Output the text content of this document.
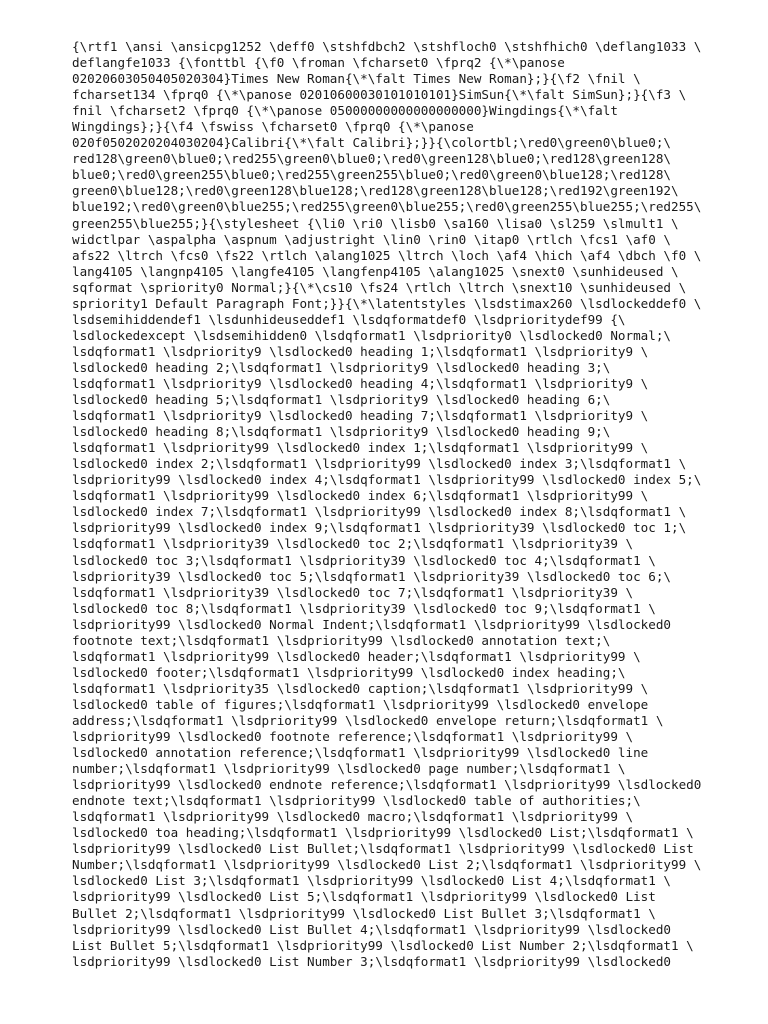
{\rtf1 \ansi \ansicpg1252 \deff0 \stshfdbch2 \stshfloch0 \stshfhich0 \deflang1033 \
deflangfe1033 {\fonttbl {\f0 \froman \fcharset0 \fprq2 {\*\panose
02020603050405020304}Times New Roman{\*\falt Times New Roman};}{\f2 \fnil \
fcharset134 \fprq0 {\*\panose 02010600030101010101}SimSun{\*\falt SimSun};}{\f3 \
fnil \fcharset2 \fprq0 {\*\panose 05000000000000000000}Wingdings{\*\falt
Wingdings};}{\f4 \fswiss \fcharset0 \fprq0 {\*\panose
020f0502020204030204}Calibri{\*\falt Calibri};}}{\colortbl;\red0\green0\blue0;\
red128\green0\blue0;\red255\green0\blue0;\red0\green128\blue0;\red128\green128\
blue0;\red0\green255\blue0;\red255\green255\blue0;\red0\green0\blue128;\red128\
green0\blue128;\red0\green128\blue128;\red128\green128\blue128;\red192\green192\
blue192;\red0\green0\blue255;\red255\green0\blue255;\red0\green255\blue255;\red255\
green255\blue255;}{\stylesheet {\li0 \ri0 \lisb0 \sa160 \lisa0 \sl259 \slmult1 \
widctlpar \aspalpha \aspnum \adjustright \lin0 \rin0 \itap0 \rtlch \fcs1 \af0 \
afs22 \ltrch \fcs0 \fs22 \rtlch \alang1025 \ltrch \loch \af4 \hich \af4 \dbch \f0 \
lang4105 \langnp4105 \langfe4105 \langfenp4105 \alang1025 \snext0 \sunhideused \
sqformat \spriority0 Normal;}{\*\cs10 \fs24 \rtlch \ltrch \snext10 \sunhideused \
spriority1 Default Paragraph Font;}}{\*\latentstyles \lsdstimax260 \lsdlockeddef0 \
lsdsemihiddendef1 \lsdunhideuseddef1 \lsdqformatdef0 \lsdprioritydef99 {\
lsdlockedexcept \lsdsemihidden0 \lsdqformat1 \lsdpriority0 \lsdlocked0 Normal;\
lsdqformat1 \lsdpriority9 \lsdlocked0 heading 1;\lsdqformat1 \lsdpriority9 \
lsdlocked0 heading 2;\lsdqformat1 \lsdpriority9 \lsdlocked0 heading 3;\
lsdqformat1 \lsdpriority9 \lsdlocked0 heading 4;\lsdqformat1 \lsdpriority9 \
lsdlocked0 heading 5;\lsdqformat1 \lsdpriority9 \lsdlocked0 heading 6;\
lsdqformat1 \lsdpriority9 \lsdlocked0 heading 7;\lsdqformat1 \lsdpriority9 \
lsdlocked0 heading 8;\lsdqformat1 \lsdpriority9 \lsdlocked0 heading 9;\
lsdqformat1 \lsdpriority99 \lsdlocked0 index 1;\lsdqformat1 \lsdpriority99 \
lsdlocked0 index 2;\lsdqformat1 \lsdpriority99 \lsdlocked0 index 3;\lsdqformat1 \
lsdpriority99 \lsdlocked0 index 4;\lsdqformat1 \lsdpriority99 \lsdlocked0 index 5;\
lsdqformat1 \lsdpriority99 \lsdlocked0 index 6;\lsdqformat1 \lsdpriority99 \
lsdlocked0 index 7;\lsdqformat1 \lsdpriority99 \lsdlocked0 index 8;\lsdqformat1 \
lsdpriority99 \lsdlocked0 index 9;\lsdqformat1 \lsdpriority39 \lsdlocked0 toc 1;\
lsdqformat1 \lsdpriority39 \lsdlocked0 toc 2;\lsdqformat1 \lsdpriority39 \
lsdlocked0 toc 3;\lsdqformat1 \lsdpriority39 \lsdlocked0 toc 4;\lsdqformat1 \
lsdpriority39 \lsdlocked0 toc 5;\lsdqformat1 \lsdpriority39 \lsdlocked0 toc 6;\
lsdqformat1 \lsdpriority39 \lsdlocked0 toc 7;\lsdqformat1 \lsdpriority39 \
lsdlocked0 toc 8;\lsdqformat1 \lsdpriority39 \lsdlocked0 toc 9;\lsdqformat1 \
lsdpriority99 \lsdlocked0 Normal Indent;\lsdqformat1 \lsdpriority99 \lsdlocked0
footnote text;\lsdqformat1 \lsdpriority99 \lsdlocked0 annotation text;\
lsdqformat1 \lsdpriority99 \lsdlocked0 header;\lsdqformat1 \lsdpriority99 \
lsdlocked0 footer;\lsdqformat1 \lsdpriority99 \lsdlocked0 index heading;\
lsdqformat1 \lsdpriority35 \lsdlocked0 caption;\lsdqformat1 \lsdpriority99 \
lsdlocked0 table of figures;\lsdqformat1 \lsdpriority99 \lsdlocked0 envelope
address;\lsdqformat1 \lsdpriority99 \lsdlocked0 envelope return;\lsdqformat1 \
lsdpriority99 \lsdlocked0 footnote reference;\lsdqformat1 \lsdpriority99 \
lsdlocked0 annotation reference;\lsdqformat1 \lsdpriority99 \lsdlocked0 line
number;\lsdqformat1 \lsdpriority99 \lsdlocked0 page number;\lsdqformat1 \
lsdpriority99 \lsdlocked0 endnote reference;\lsdqformat1 \lsdpriority99 \lsdlocked0
endnote text;\lsdqformat1 \lsdpriority99 \lsdlocked0 table of authorities;\
lsdqformat1 \lsdpriority99 \lsdlocked0 macro;\lsdqformat1 \lsdpriority99 \
lsdlocked0 toa heading;\lsdqformat1 \lsdpriority99 \lsdlocked0 List;\lsdqformat1 \
lsdpriority99 \lsdlocked0 List Bullet;\lsdqformat1 \lsdpriority99 \lsdlocked0 List
Number;\lsdqformat1 \lsdpriority99 \lsdlocked0 List 2;\lsdqformat1 \lsdpriority99 \
lsdlocked0 List 3;\lsdqformat1 \lsdpriority99 \lsdlocked0 List 4;\lsdqformat1 \
lsdpriority99 \lsdlocked0 List 5;\lsdqformat1 \lsdpriority99 \lsdlocked0 List
Bullet 2;\lsdqformat1 \lsdpriority99 \lsdlocked0 List Bullet 3;\lsdqformat1 \
lsdpriority99 \lsdlocked0 List Bullet 4;\lsdqformat1 \lsdpriority99 \lsdlocked0
List Bullet 5;\lsdqformat1 \lsdpriority99 \lsdlocked0 List Number 2;\lsdqformat1 \
lsdpriority99 \lsdlocked0 List Number 3;\lsdqformat1 \lsdpriority99 \lsdlocked0
